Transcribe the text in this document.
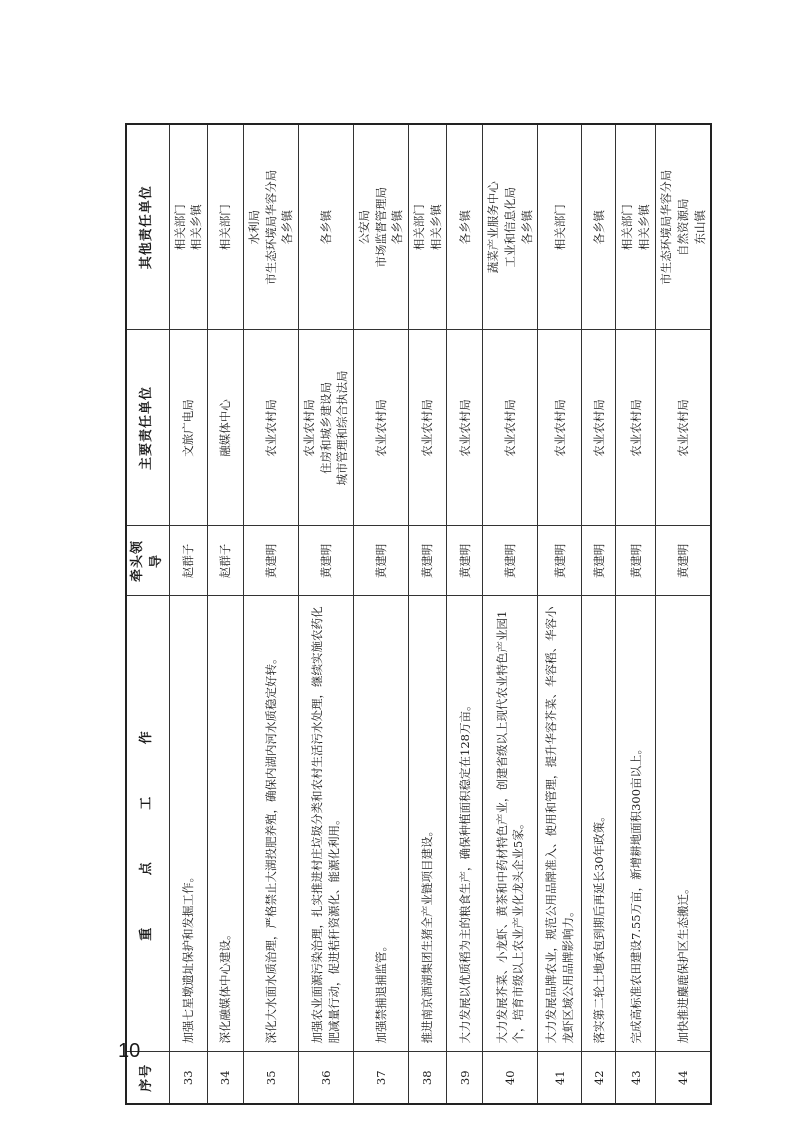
序号	重 点 工 作	牵头领导	主要责任单位	其他责任单位
33	加强七星墩遗址保护和发掘工作。	赵群子	文旅广电局	相关部门 相关乡镇

34	深化融媒体中心建设。	赵群子	融媒体中心	相关部门

35	深化大水面水质治理，严格禁止大湖投肥养殖，确保内湖内河水质稳定好转。	黄建明	农业农村局	水利局 市生态环境局华容分局 各乡镇

36	加强农业面源污染治理，扎实推进村庄垃圾分类和农村生活污水处理，继续实施农药化肥减量行动，促进秸秆资源化、能源化利用。	黄建明	农业农村局 住房和城乡建设局 城市管理和综合执法局	各乡镇

37	加强禁捕退捕监管。	黄建明	农业农村局	公安局 市场监督管理局 各乡镇

38	推进南京酒湖集团生猪全产业链项目建设。	黄建明	农业农村局	相关部门 相关乡镇

39	大力发展以优质稻为主的粮食生产，确保种植面积稳定在128万亩。	黄建明	农业农村局	各乡镇

40	大力发展芥菜、小龙虾、黄茶和中药材特色产业，创建省级以上现代农业特色产业园1个，培育市级以上农业产业化龙头企业5家。	黄建明	农业农村局	蔬菜产业服务中心 工业和信息化局 各乡镇

41	大力发展品牌农业，规范公用品牌准入、使用和管理，提升华容芥菜、华容稻、华容小龙虾区域公用品牌影响力。	黄建明	农业农村局	相关部门

42	落实第二轮土地承包到期后再延长30年政策。	黄建明	农业农村局	各乡镇

43	完成高标准农田建设7.55万亩，新增耕地面积300亩以上。	黄建明	农业农村局	相关部门 相关乡镇

44	加快推进麋鹿保护区生态搬迁。	黄建明	农业农村局	市生态环境局华容分局 自然资源局 东山镇
10
